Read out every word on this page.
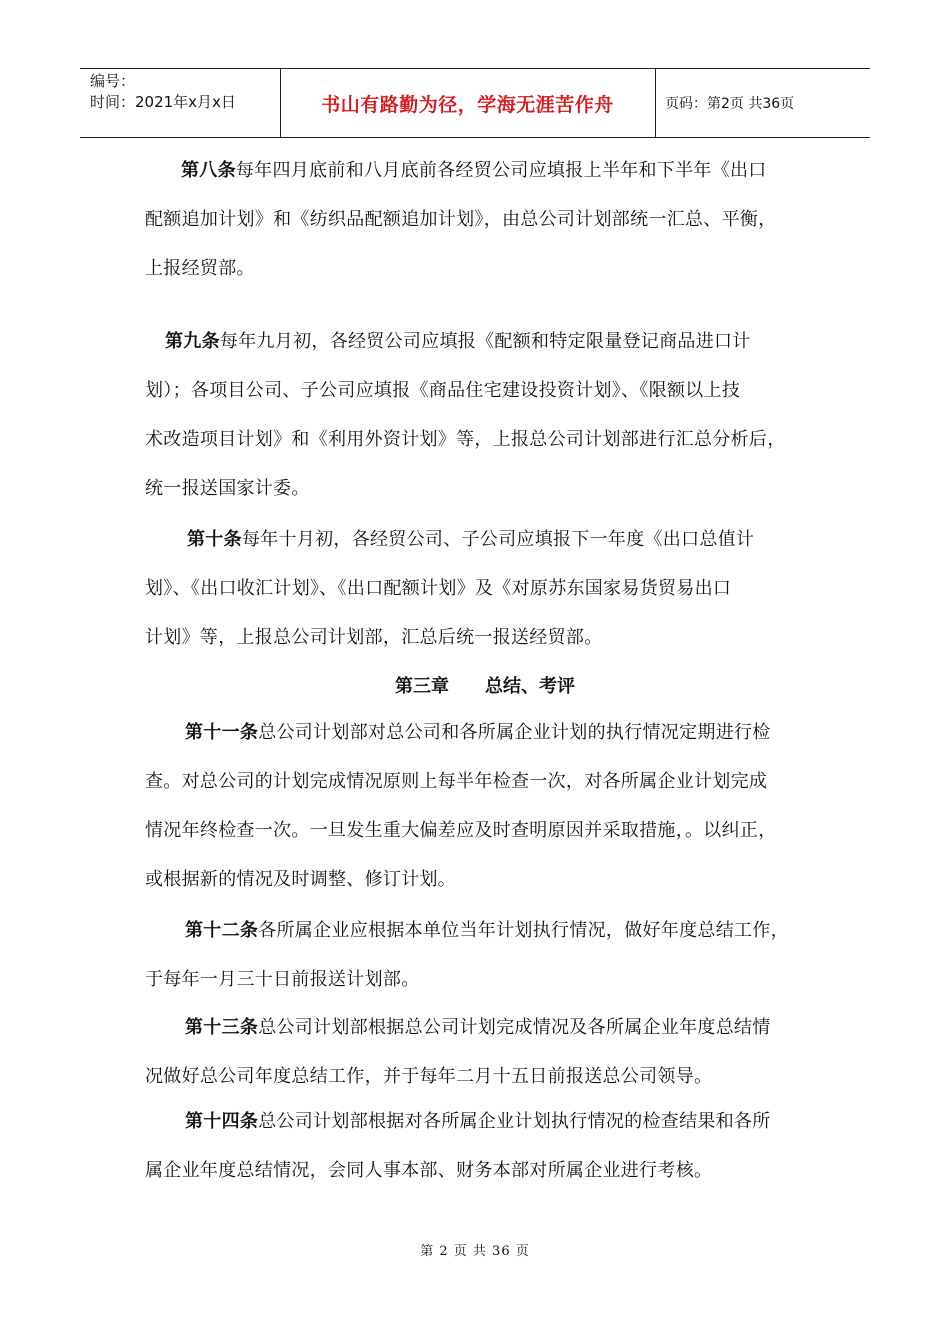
编号：
时间：2021年x月x日	书山有路勤为径，学海无涯苦作舟	页码：第2页 共36页
第八条每年四月底前和八月底前各经贸公司应填报上半年和下半年《出口
配额追加计划》和《纺织品配额追加计划》，由总公司计划部统一汇总、平衡，
上报经贸部。
第九条每年九月初，各经贸公司应填报《配额和特定限量登记商品进口计
划）；各项目公司、子公司应填报《商品住宅建设投资计划》、《限额以上技
术改造项目计划》和《利用外资计划》等，上报总公司计划部进行汇总分析后，
统一报送国家计委。
第十条每年十月初，各经贸公司、子公司应填报下一年度《出口总值计
划》、《出口收汇计划》、《出口配额计划》及《对原苏东国家易货贸易出口
计划》等，上报总公司计划部，汇总后统一报送经贸部。
第三章 总结、考评
第十一条总公司计划部对总公司和各所属企业计划的执行情况定期进行检
查。对总公司的计划完成情况原则上每半年检查一次，对各所属企业计划完成
情况年终检查一次。一旦发生重大偏差应及时查明原因并采取措施，。以纠正，
或根据新的情况及时调整、修订计划。
第十二条各所属企业应根据本单位当年计划执行情况，做好年度总结工作，
于每年一月三十日前报送计划部。
第十三条总公司计划部根据总公司计划完成情况及各所属企业年度总结情
况做好总公司年度总结工作，并于每年二月十五日前报送总公司领导。
第十四条总公司计划部根据对各所属企业计划执行情况的检查结果和各所
属企业年度总结情况，会同人事本部、财务本部对所属企业进行考核。
第 2 页 共 36 页
